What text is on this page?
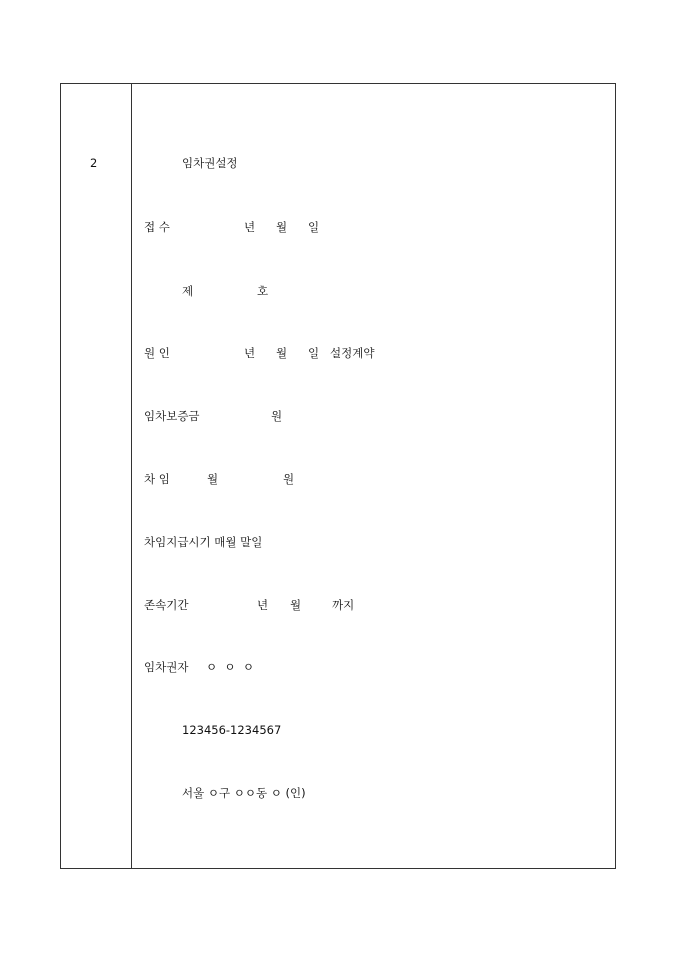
2	임차권설정
접 수	년 월 일
제	호
원 인	년 월 일 설정계약
임차보증금	원
차 임	월	원
차임지급시기 매월 말일
존속기간	년 월	까지
임차권자 ㅇ  ㅇ  ㅇ
123456-1234567
서울 ㅇ구 ㅇㅇ동 ㅇ (인)
